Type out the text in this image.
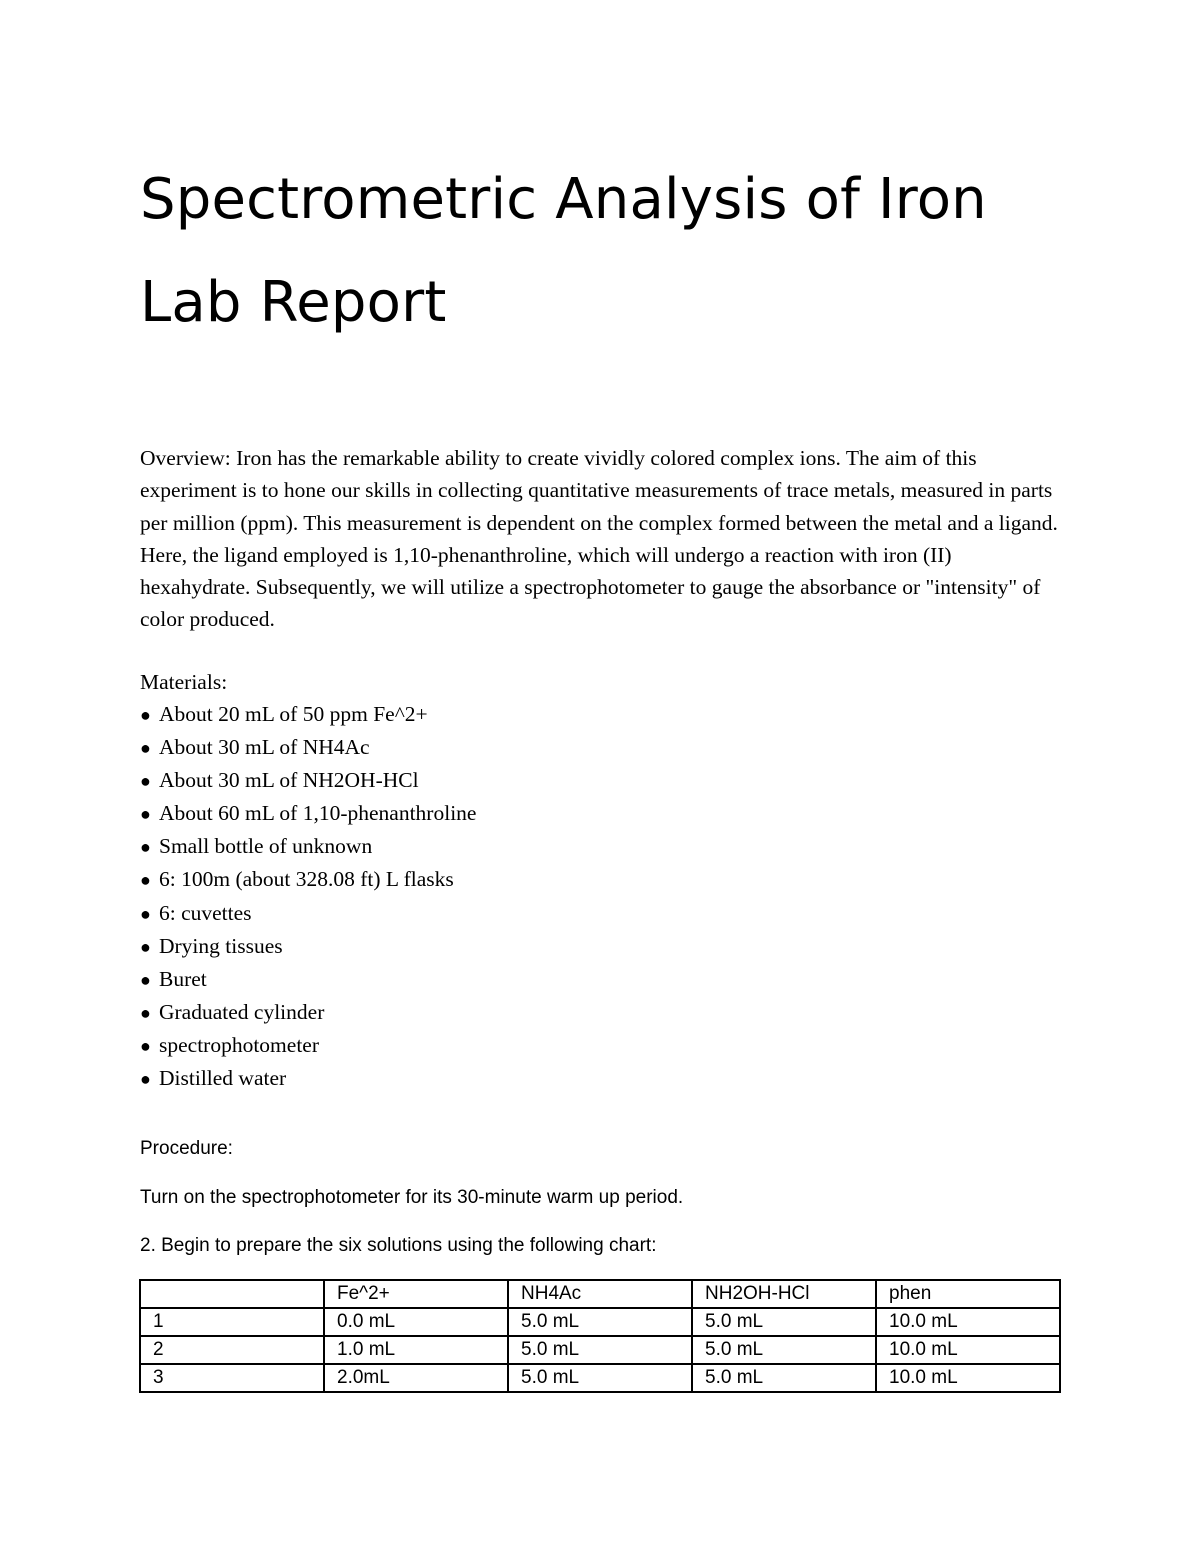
Spectrometric Analysis of Iron
Lab Report

Overview: Iron has the remarkable ability to create vividly colored complex ions. The aim of this experiment is to hone our skills in collecting quantitative measurements of trace metals, measured in parts per million (ppm). This measurement is dependent on the complex formed between the metal and a ligand. Here, the ligand employed is 1,10-phenanthroline, which will undergo a reaction with iron (II) hexahydrate. Subsequently, we will utilize a spectrophotometer to gauge the absorbance or "intensity" of color produced.

Materials:

● About 20 mL of 50 ppm Fe^2+
● About 30 mL of NH4Ac
● About 30 mL of NH2OH-HCl
● About 60 mL of 1,10-phenanthroline
● Small bottle of unknown
● 6: 100m (about 328.08 ft) L flasks
● 6: cuvettes
● Drying tissues
● Buret
● Graduated cylinder
● spectrophotometer
● Distilled water

Procedure:

Turn on the spectrophotometer for its 30-minute warm up period.

2. Begin to prepare the six solutions using the following chart:

	Fe^2+	NH4Ac	NH2OH-HCl	phen
1	0.0 mL	5.0 mL	5.0 mL	10.0 mL
2	1.0 mL	5.0 mL	5.0 mL	10.0 mL
3	2.0mL	5.0 mL	5.0 mL	10.0 mL
